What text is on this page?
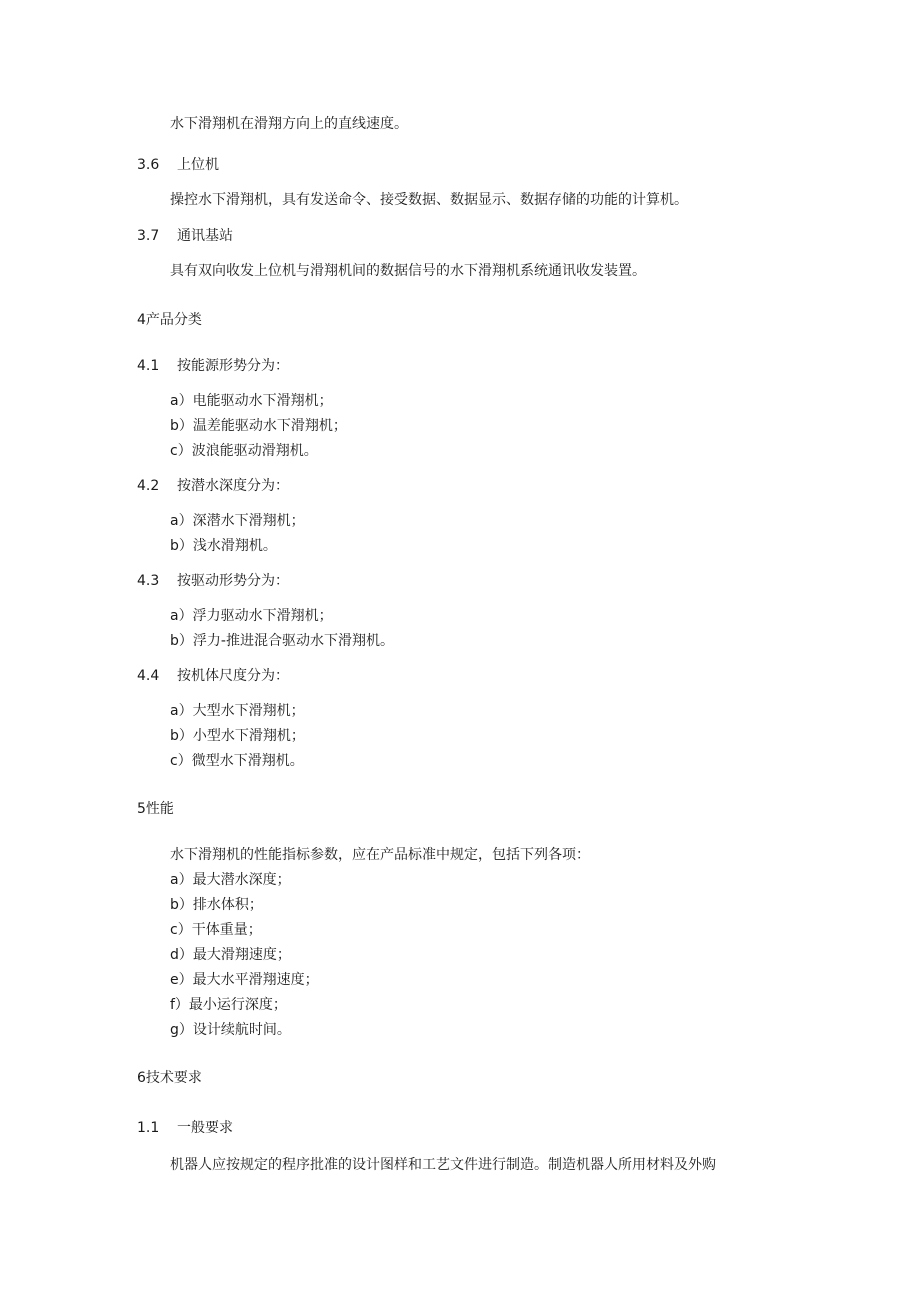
水下滑翔机在滑翔方向上的直线速度。
3.6 上位机
操控水下滑翔机，具有发送命令、接受数据、数据显示、数据存储的功能的计算机。
3.7 通讯基站
具有双向收发上位机与滑翔机间的数据信号的水下滑翔机系统通讯收发装置。
4产品分类
4.1 按能源形势分为：
a）电能驱动水下滑翔机；
b）温差能驱动水下滑翔机；
c）波浪能驱动滑翔机。
4.2 按潜水深度分为：
a）深潜水下滑翔机；
b）浅水滑翔机。
4.3 按驱动形势分为：
a）浮力驱动水下滑翔机；
b）浮力-推进混合驱动水下滑翔机。
4.4 按机体尺度分为：
a）大型水下滑翔机；
b）小型水下滑翔机；
c）微型水下滑翔机。
5性能
水下滑翔机的性能指标参数，应在产品标准中规定，包括下列各项：
a）最大潜水深度；
b）排水体积；
c）干体重量；
d）最大滑翔速度；
e）最大水平滑翔速度；
f）最小运行深度；
g）设计续航时间。
6技术要求
1.1 一般要求
机器人应按规定的程序批准的设计图样和工艺文件进行制造。制造机器人所用材料及外购
